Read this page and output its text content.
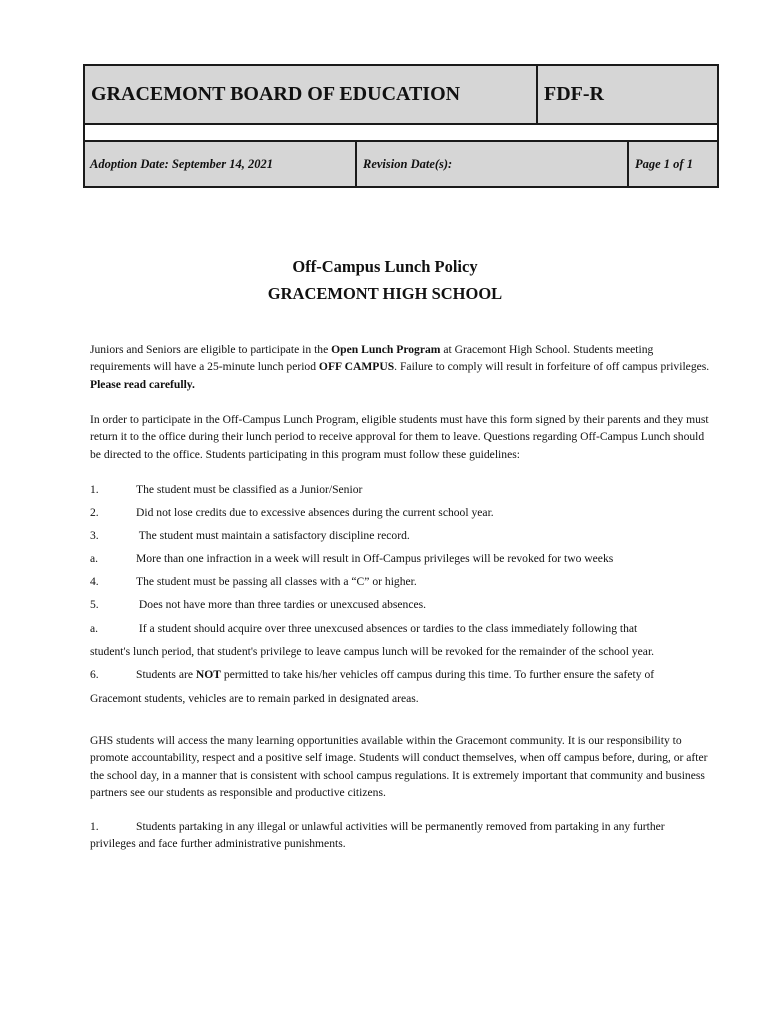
GRACEMONT BOARD OF EDUCATION	FDF-R
Adoption Date: September 14, 2021	Revision Date(s):	Page 1 of 1
Off-Campus Lunch Policy
GRACEMONT HIGH SCHOOL
Juniors and Seniors are eligible to participate in the Open Lunch Program at Gracemont High School. Students meeting requirements will have a 25-minute lunch period OFF CAMPUS. Failure to comply will result in forfeiture of off campus privileges. Please read carefully.
In order to participate in the Off-Campus Lunch Program, eligible students must have this form signed by their parents and they must return it to the office during their lunch period to receive approval for them to leave. Questions regarding Off-Campus Lunch should be directed to the office. Students participating in this program must follow these guidelines:
1.	The student must be classified as a Junior/Senior
2.	Did not lose credits due to excessive absences during the current school year.
3.	The student must maintain a satisfactory discipline record.
a.	More than one infraction in a week will result in Off-Campus privileges will be revoked for two weeks
4.	The student must be passing all classes with a “C” or higher.
5.	Does not have more than three tardies or unexcused absences.
a.	If a student should acquire over three unexcused absences or tardies to the class immediately following that
student's lunch period, that student's privilege to leave campus lunch will be revoked for the remainder of the school year.
6.	Students are NOT permitted to take his/her vehicles off campus during this time. To further ensure the safety of
Gracemont students, vehicles are to remain parked in designated areas.
GHS students will access the many learning opportunities available within the Gracemont community. It is our responsibility to promote accountability, respect and a positive self image. Students will conduct themselves, when off campus before, during, or after the school day, in a manner that is consistent with school campus regulations. It is extremely important that community and business partners see our students as responsible and productive citizens.
1.	Students partaking in any illegal or unlawful activities will be permanently removed from partaking in any further
privileges and face further administrative punishments.
